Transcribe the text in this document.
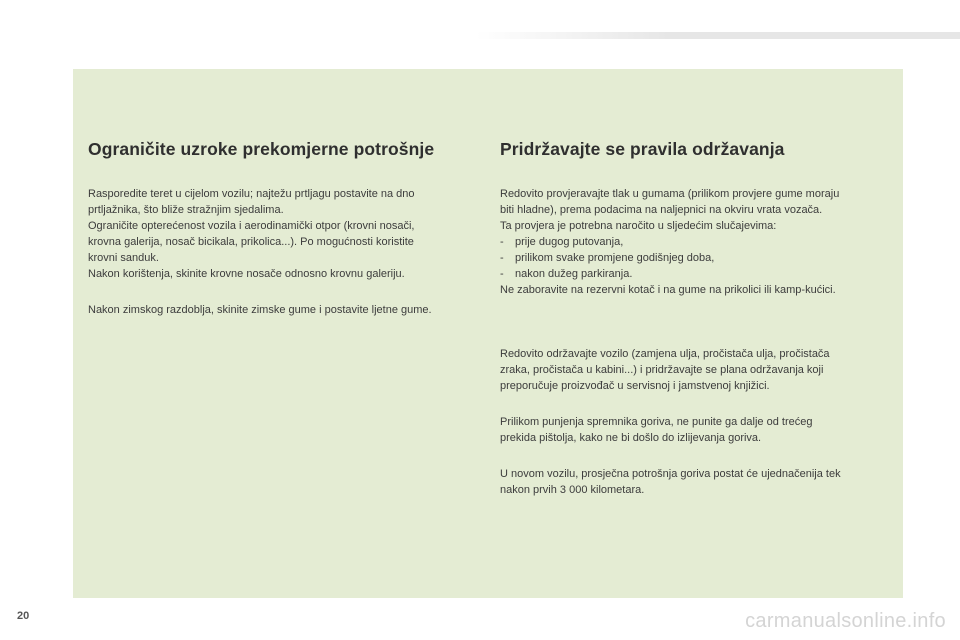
Ograničite uzroke prekomjerne potrošnje

Rasporedite teret u cijelom vozilu; najtežu prtljagu postavite na dno
prtljažnika, što bliže stražnjim sjedalima.
Ograničite opterećenost vozila i aerodinamički otpor (krovni nosači,
krovna galerija, nosač bicikala, prikolica...). Po mogućnosti koristite
krovni sanduk.
Nakon korištenja, skinite krovne nosače odnosno krovnu galeriju.

Nakon zimskog razdoblja, skinite zimske gume i postavite ljetne gume.

Pridržavajte se pravila održavanja

Redovito provjeravajte tlak u gumama (prilikom provjere gume moraju
biti hladne), prema podacima na naljepnici na okviru vrata vozača.
Ta provjera je potrebna naročito u sljedećim slučajevima:
- prije dugog putovanja,
- prilikom svake promjene godišnjeg doba,
- nakon dužeg parkiranja.
Ne zaboravite na rezervni kotač i na gume na prikolici ili kamp-kućici.

Redovito održavajte vozilo (zamjena ulja, pročistača ulja, pročistača
zraka, pročistača u kabini...) i pridržavajte se plana održavanja koji
preporučuje proizvođač u servisnoj i jamstvenoj knjižici.

Prilikom punjenja spremnika goriva, ne punite ga dalje od trećeg
prekida pištolja, kako ne bi došlo do izlijevanja goriva.

U novom vozilu, prosječna potrošnja goriva postat će ujednačenija tek
nakon prvih 3 000 kilometara.

20	carmanualsonline.info
